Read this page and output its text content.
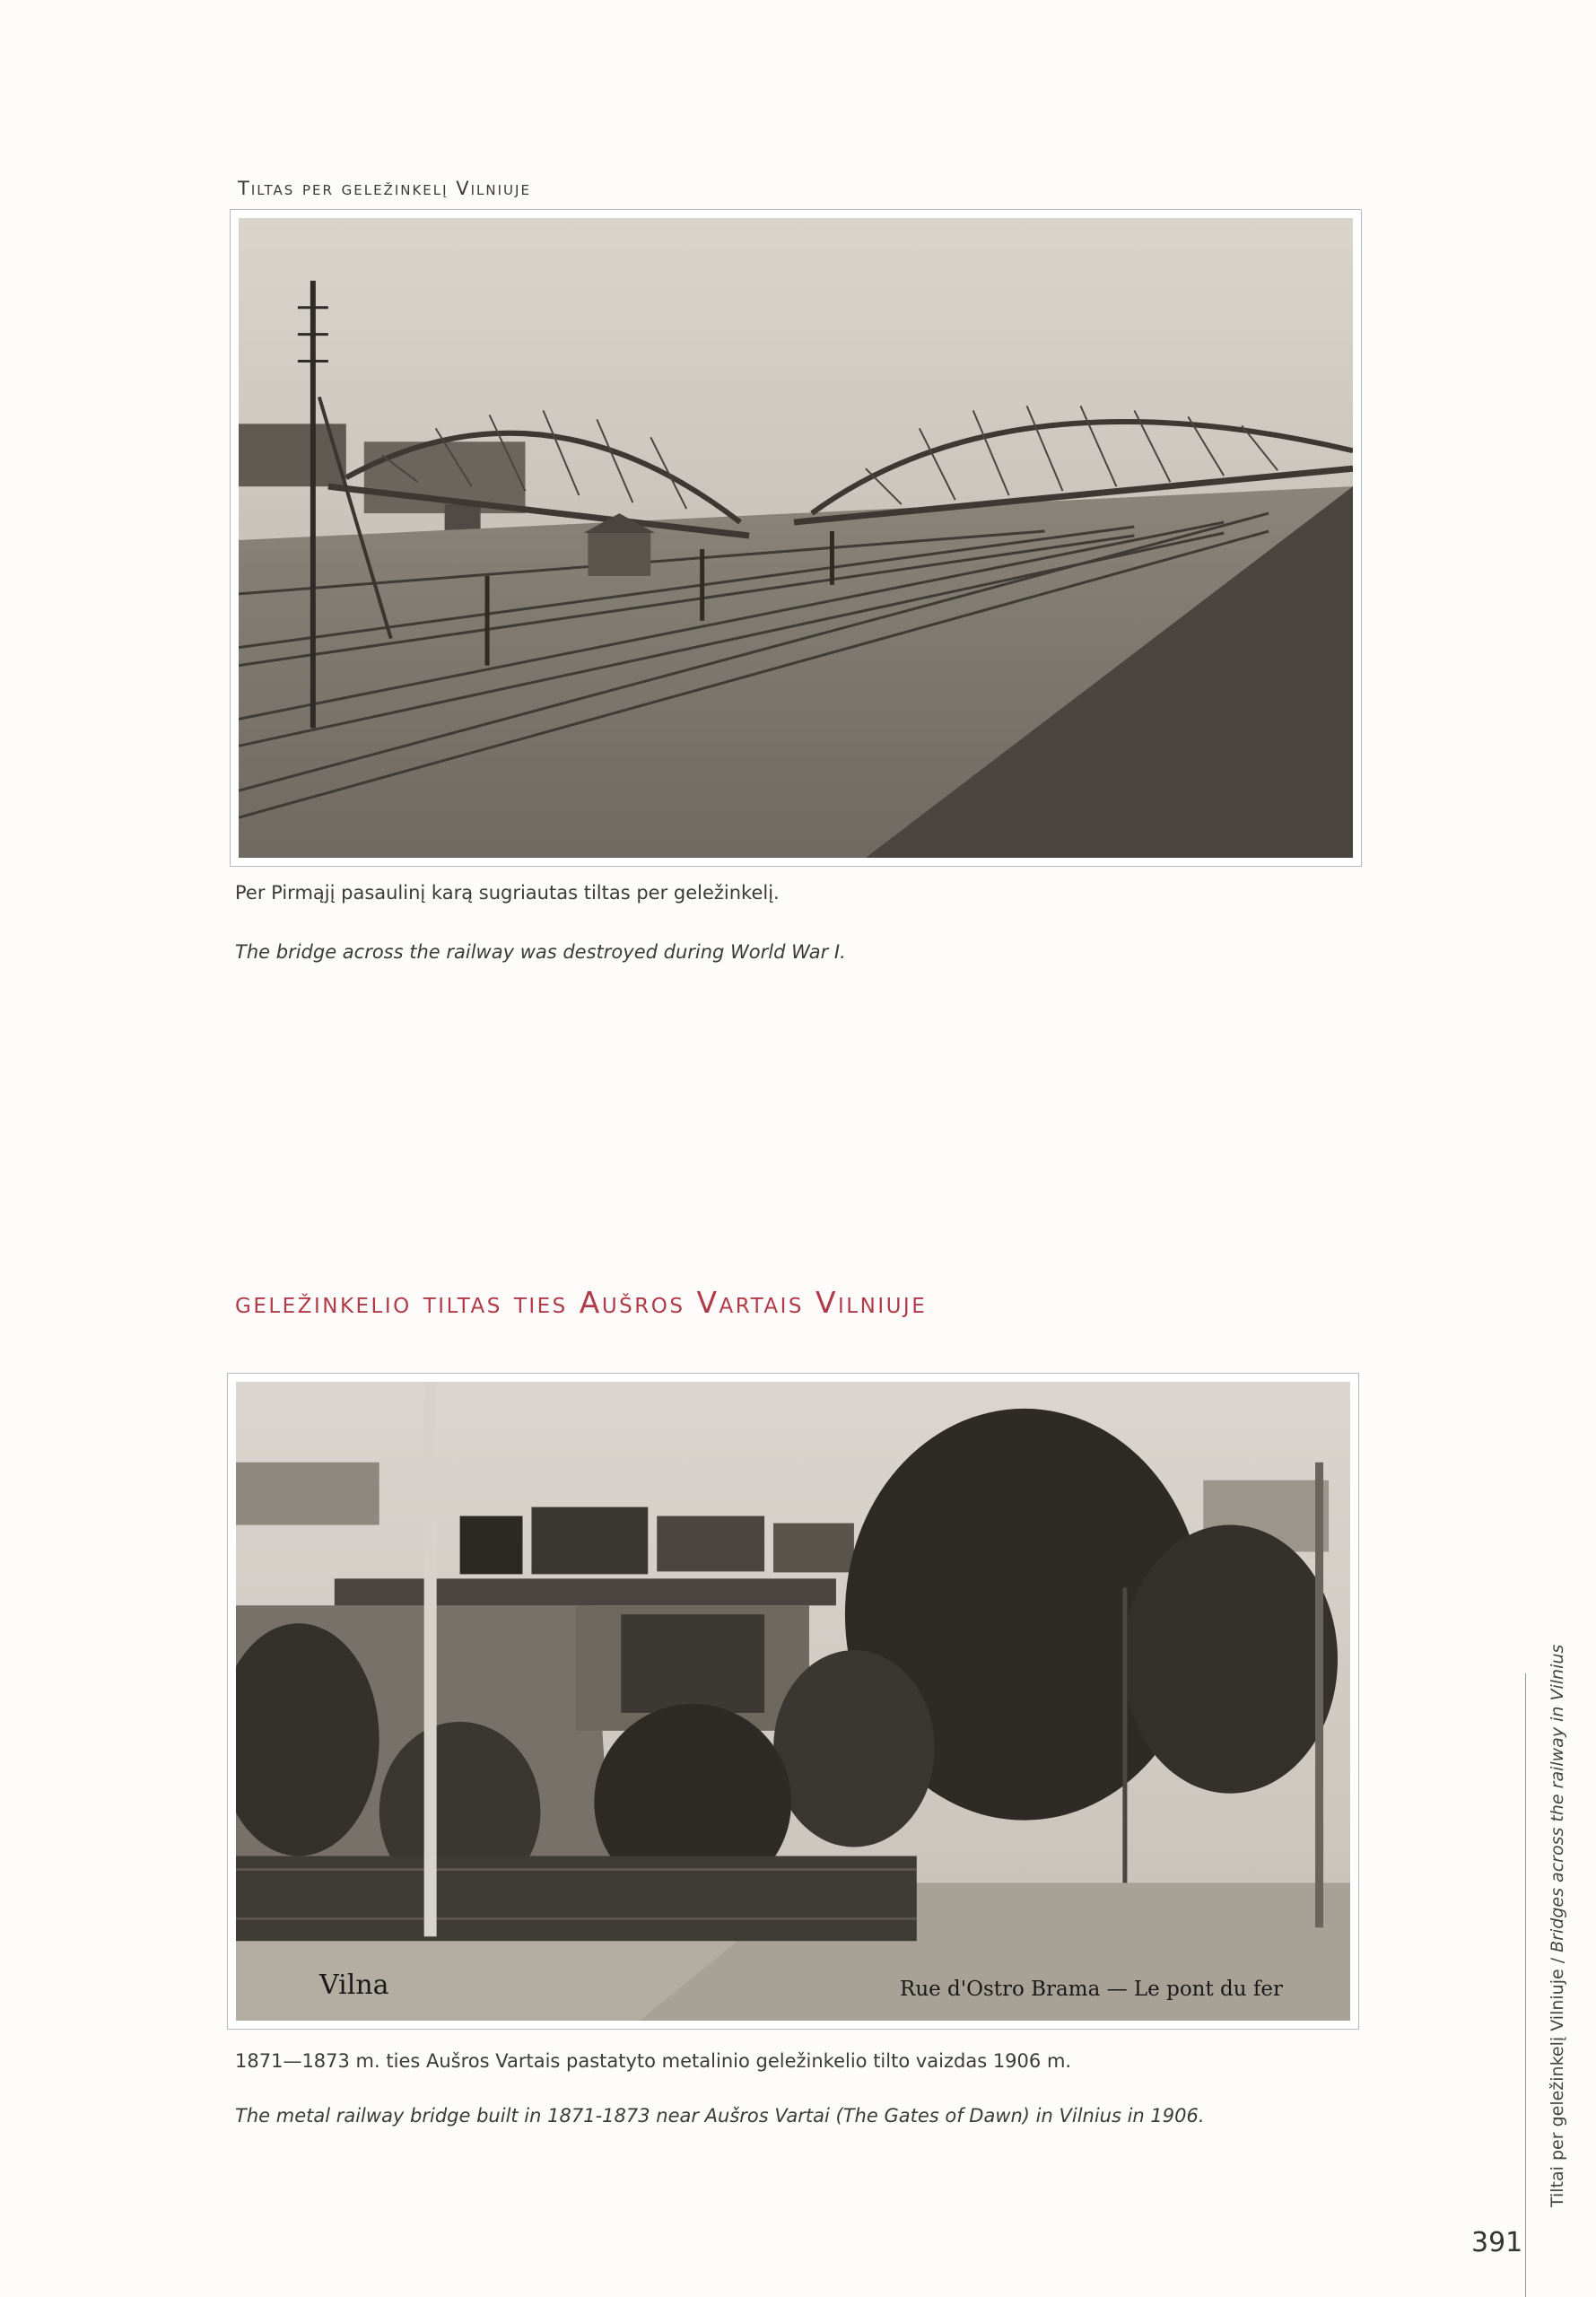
Tiltas per geležinkelį Vilniuje
Per Pirmąjį pasaulinį karą sugriautas tiltas per geležinkelį.
The bridge across the railway was destroyed during World War I.
geležinkelio tiltas ties Aušros Vartais Vilniuje
Vilna	Rue d'Ostro Brama — Le pont du fer
1871—1873 m. ties Aušros Vartais pastatyto metalinio geležinkelio tilto vaizdas 1906 m.
The metal railway bridge built in 1871-1873 near Aušros Vartai (The Gates of Dawn) in Vilnius in 1906.	Tiltai per geležinkelį Vilniuje / Bridges across the railway in Vilnius
391
